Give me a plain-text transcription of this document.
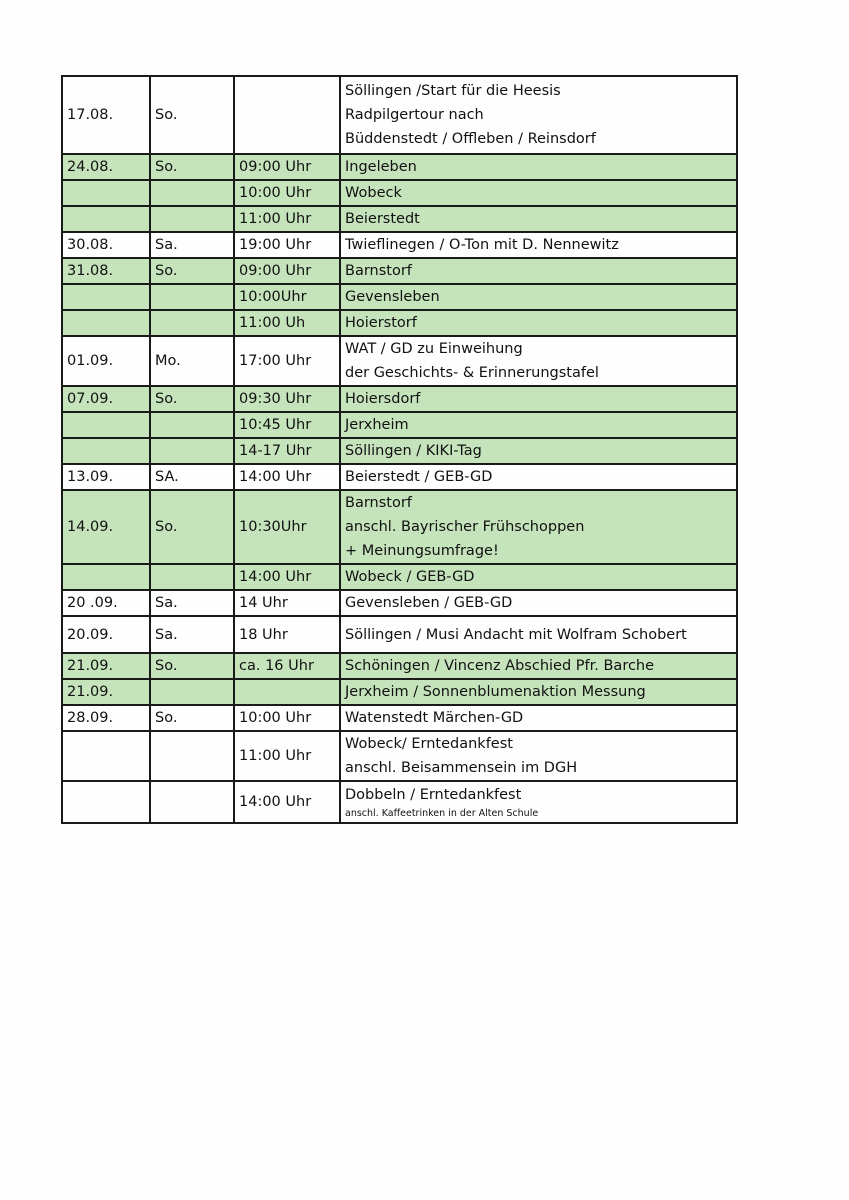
17.08.	So.		Söllingen /Start für die Heesis
Radpilgertour nach
Büddenstedt / Offleben / Reinsdorf

24.08.	So.	09:00 Uhr	Ingeleben

		10:00 Uhr	Wobeck

		11:00 Uhr	Beierstedt

30.08.	Sa.	19:00 Uhr	Twieflinegen / O-Ton mit D. Nennewitz

31.08.	So.	09:00 Uhr	Barnstorf

		10:00Uhr	Gevensleben

		11:00 Uh	Hoierstorf

01.09.	Mo.	17:00 Uhr	WAT / GD zu Einweihung
der Geschichts- & Erinnerungstafel

07.09.	So.	09:30 Uhr	Hoiersdorf

		10:45 Uhr	Jerxheim

		14-17 Uhr	Söllingen / KIKI-Tag

13.09.	SA.	14:00 Uhr	Beierstedt / GEB-GD

14.09.	So.	10:30Uhr	Barnstorf
anschl. Bayrischer Frühschoppen
+ Meinungsumfrage!

		14:00 Uhr	Wobeck / GEB-GD

20 .09.	Sa.	14 Uhr	Gevensleben / GEB-GD

20.09.	Sa.	18 Uhr	Söllingen / Musi Andacht mit Wolfram Schobert

21.09.	So.	ca. 16 Uhr	Schöningen / Vincenz Abschied Pfr. Barche

21.09.			Jerxheim / Sonnenblumenaktion Messung

28.09.	So.	10:00 Uhr	Watenstedt Märchen-GD

		11:00 Uhr	Wobeck/ Erntedankfest
anschl. Beisammensein im DGH

		14:00 Uhr	Dobbeln / Erntedankfest
anschl. Kaffeetrinken in der Alten Schule
